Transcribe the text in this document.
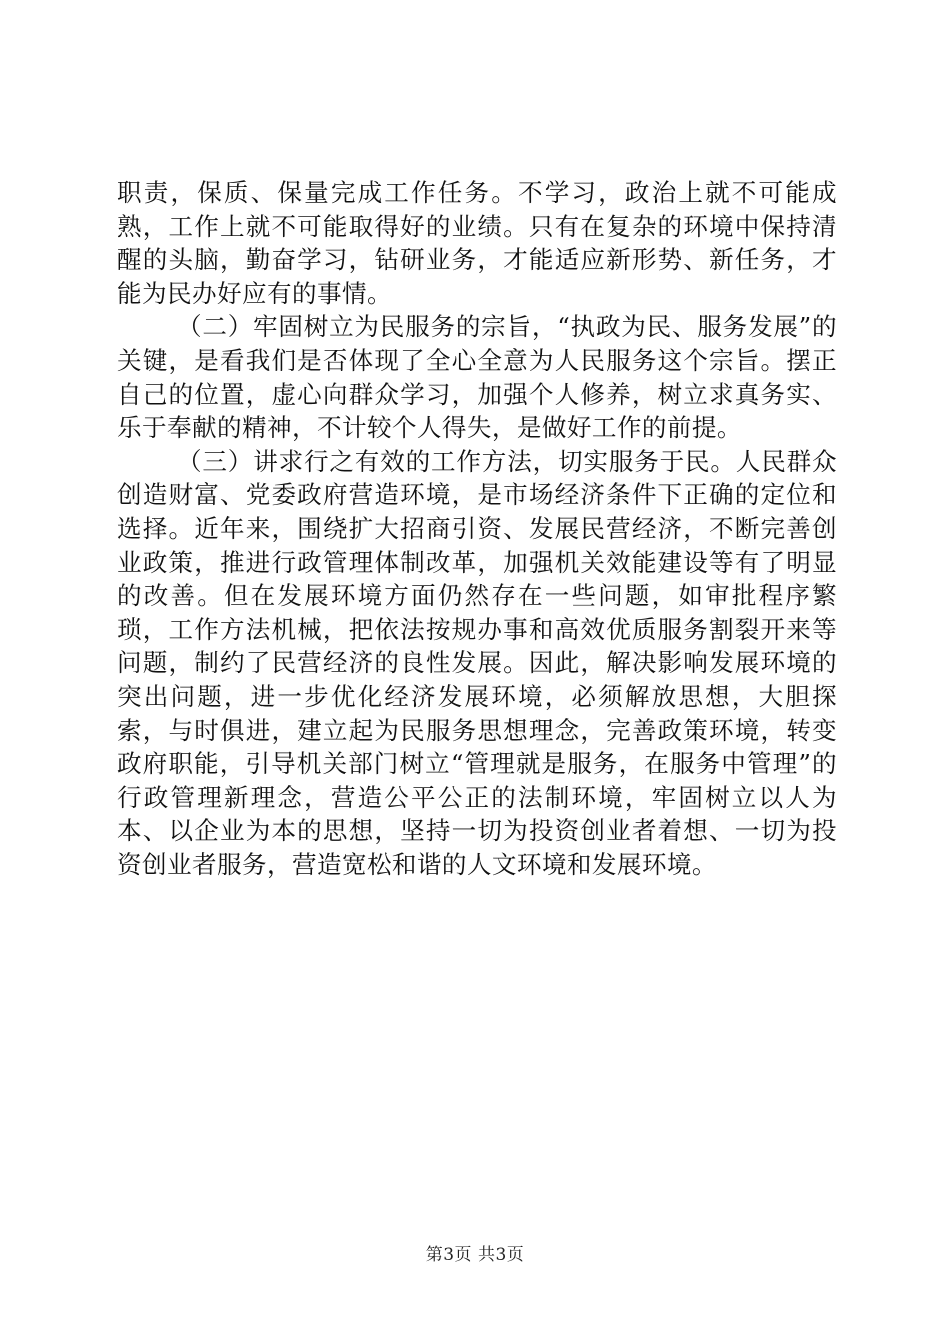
职责，保质、保量完成工作任务。不学习，政治上就不可能成熟，工作上就不可能取得好的业绩。只有在复杂的环境中保持清醒的头脑，勤奋学习，钻研业务，才能适应新形势、新任务，才能为民办好应有的事情。

（二）牢固树立为民服务的宗旨，“执政为民、服务发展”的关键，是看我们是否体现了全心全意为人民服务这个宗旨。摆正自己的位置，虚心向群众学习，加强个人修养，树立求真务实、乐于奉献的精神，不计较个人得失，是做好工作的前提。

（三）讲求行之有效的工作方法，切实服务于民。人民群众创造财富、党委政府营造环境，是市场经济条件下正确的定位和选择。近年来，围绕扩大招商引资、发展民营经济，不断完善创业政策，推进行政管理体制改革，加强机关效能建设等有了明显的改善。但在发展环境方面仍然存在一些问题，如审批程序繁琐，工作方法机械，把依法按规办事和高效优质服务割裂开来等问题，制约了民营经济的良性发展。因此，解决影响发展环境的突出问题，进一步优化经济发展环境，必须解放思想，大胆探索，与时俱进，建立起为民服务思想理念，完善政策环境，转变政府职能，引导机关部门树立“管理就是服务，在服务中管理”的行政管理新理念，营造公平公正的法制环境，牢固树立以人为本、以企业为本的思想，坚持一切为投资创业者着想、一切为投资创业者服务，营造宽松和谐的人文环境和发展环境。

第3页 共3页
